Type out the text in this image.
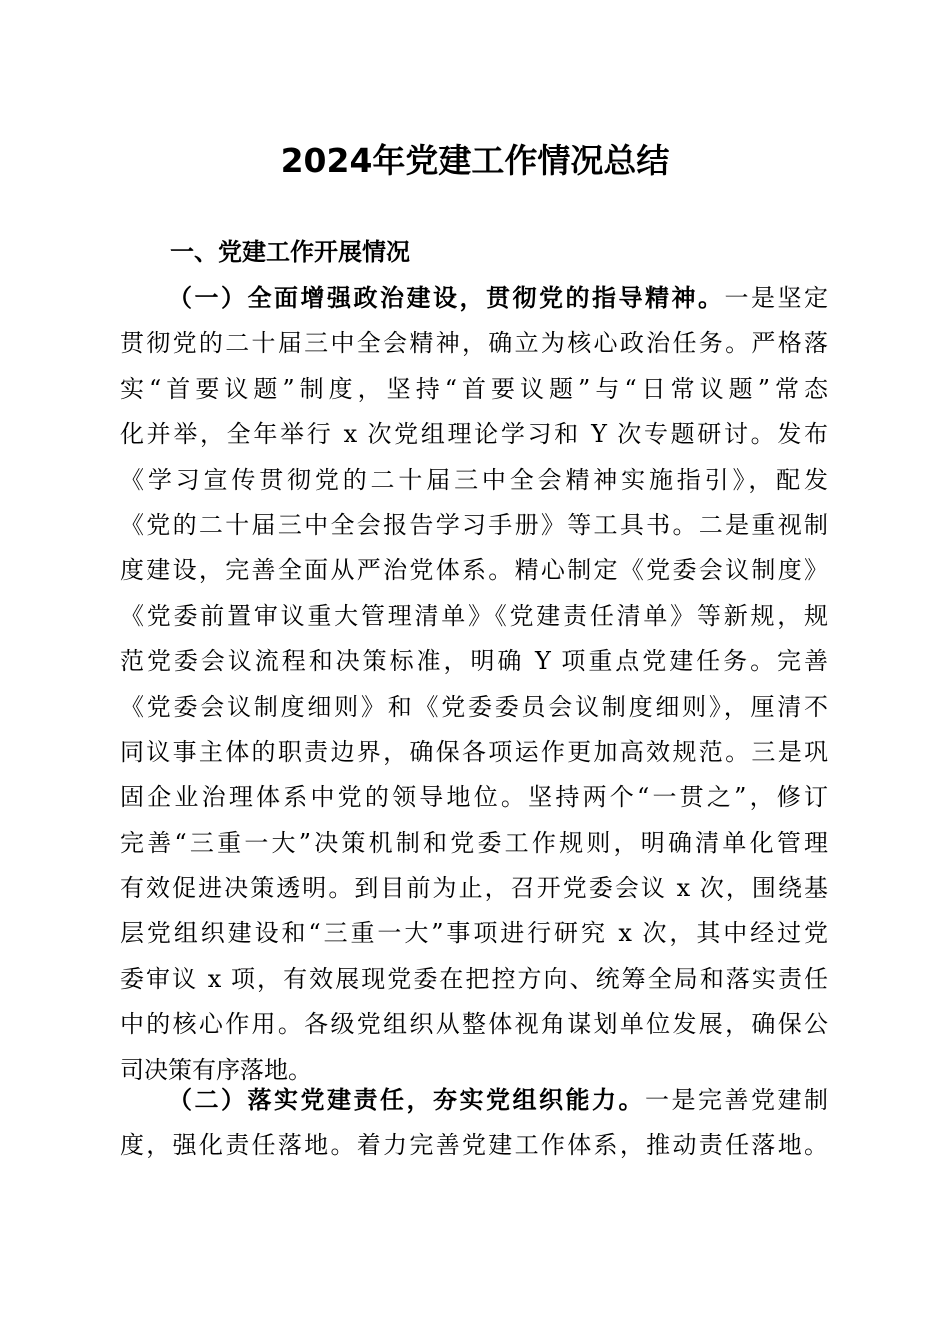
2024年党建工作情况总结
一、党建工作开展情况
（一）全面增强政治建设，贯彻党的指导精神。一是坚定
贯彻党的二十届三中全会精神，确立为核心政治任务。严格落
实“首要议题”制度，坚持“首要议题”与“日常议题”常态
化并举，全年举行 x 次党组理论学习和 Y 次专题研讨。发布
《学习宣传贯彻党的二十届三中全会精神实施指引》，配发
《党的二十届三中全会报告学习手册》等工具书。二是重视制
度建设，完善全面从严治党体系。精心制定《党委会议制度》
《党委前置审议重大管理清单》《党建责任清单》等新规，规
范党委会议流程和决策标准，明确 Y 项重点党建任务。完善
《党委会议制度细则》和《党委委员会议制度细则》，厘清不
同议事主体的职责边界，确保各项运作更加高效规范。三是巩
固企业治理体系中党的领导地位。坚持两个“一贯之”，修订
完善“三重一大”决策机制和党委工作规则，明确清单化管理
有效促进决策透明。到目前为止，召开党委会议 x 次，围绕基
层党组织建设和“三重一大”事项进行研究 x 次，其中经过党
委审议 x 项，有效展现党委在把控方向、统筹全局和落实责任
中的核心作用。各级党组织从整体视角谋划单位发展，确保公
司决策有序落地。
（二）落实党建责任，夯实党组织能力。一是完善党建制
度，强化责任落地。着力完善党建工作体系，推动责任落地。
